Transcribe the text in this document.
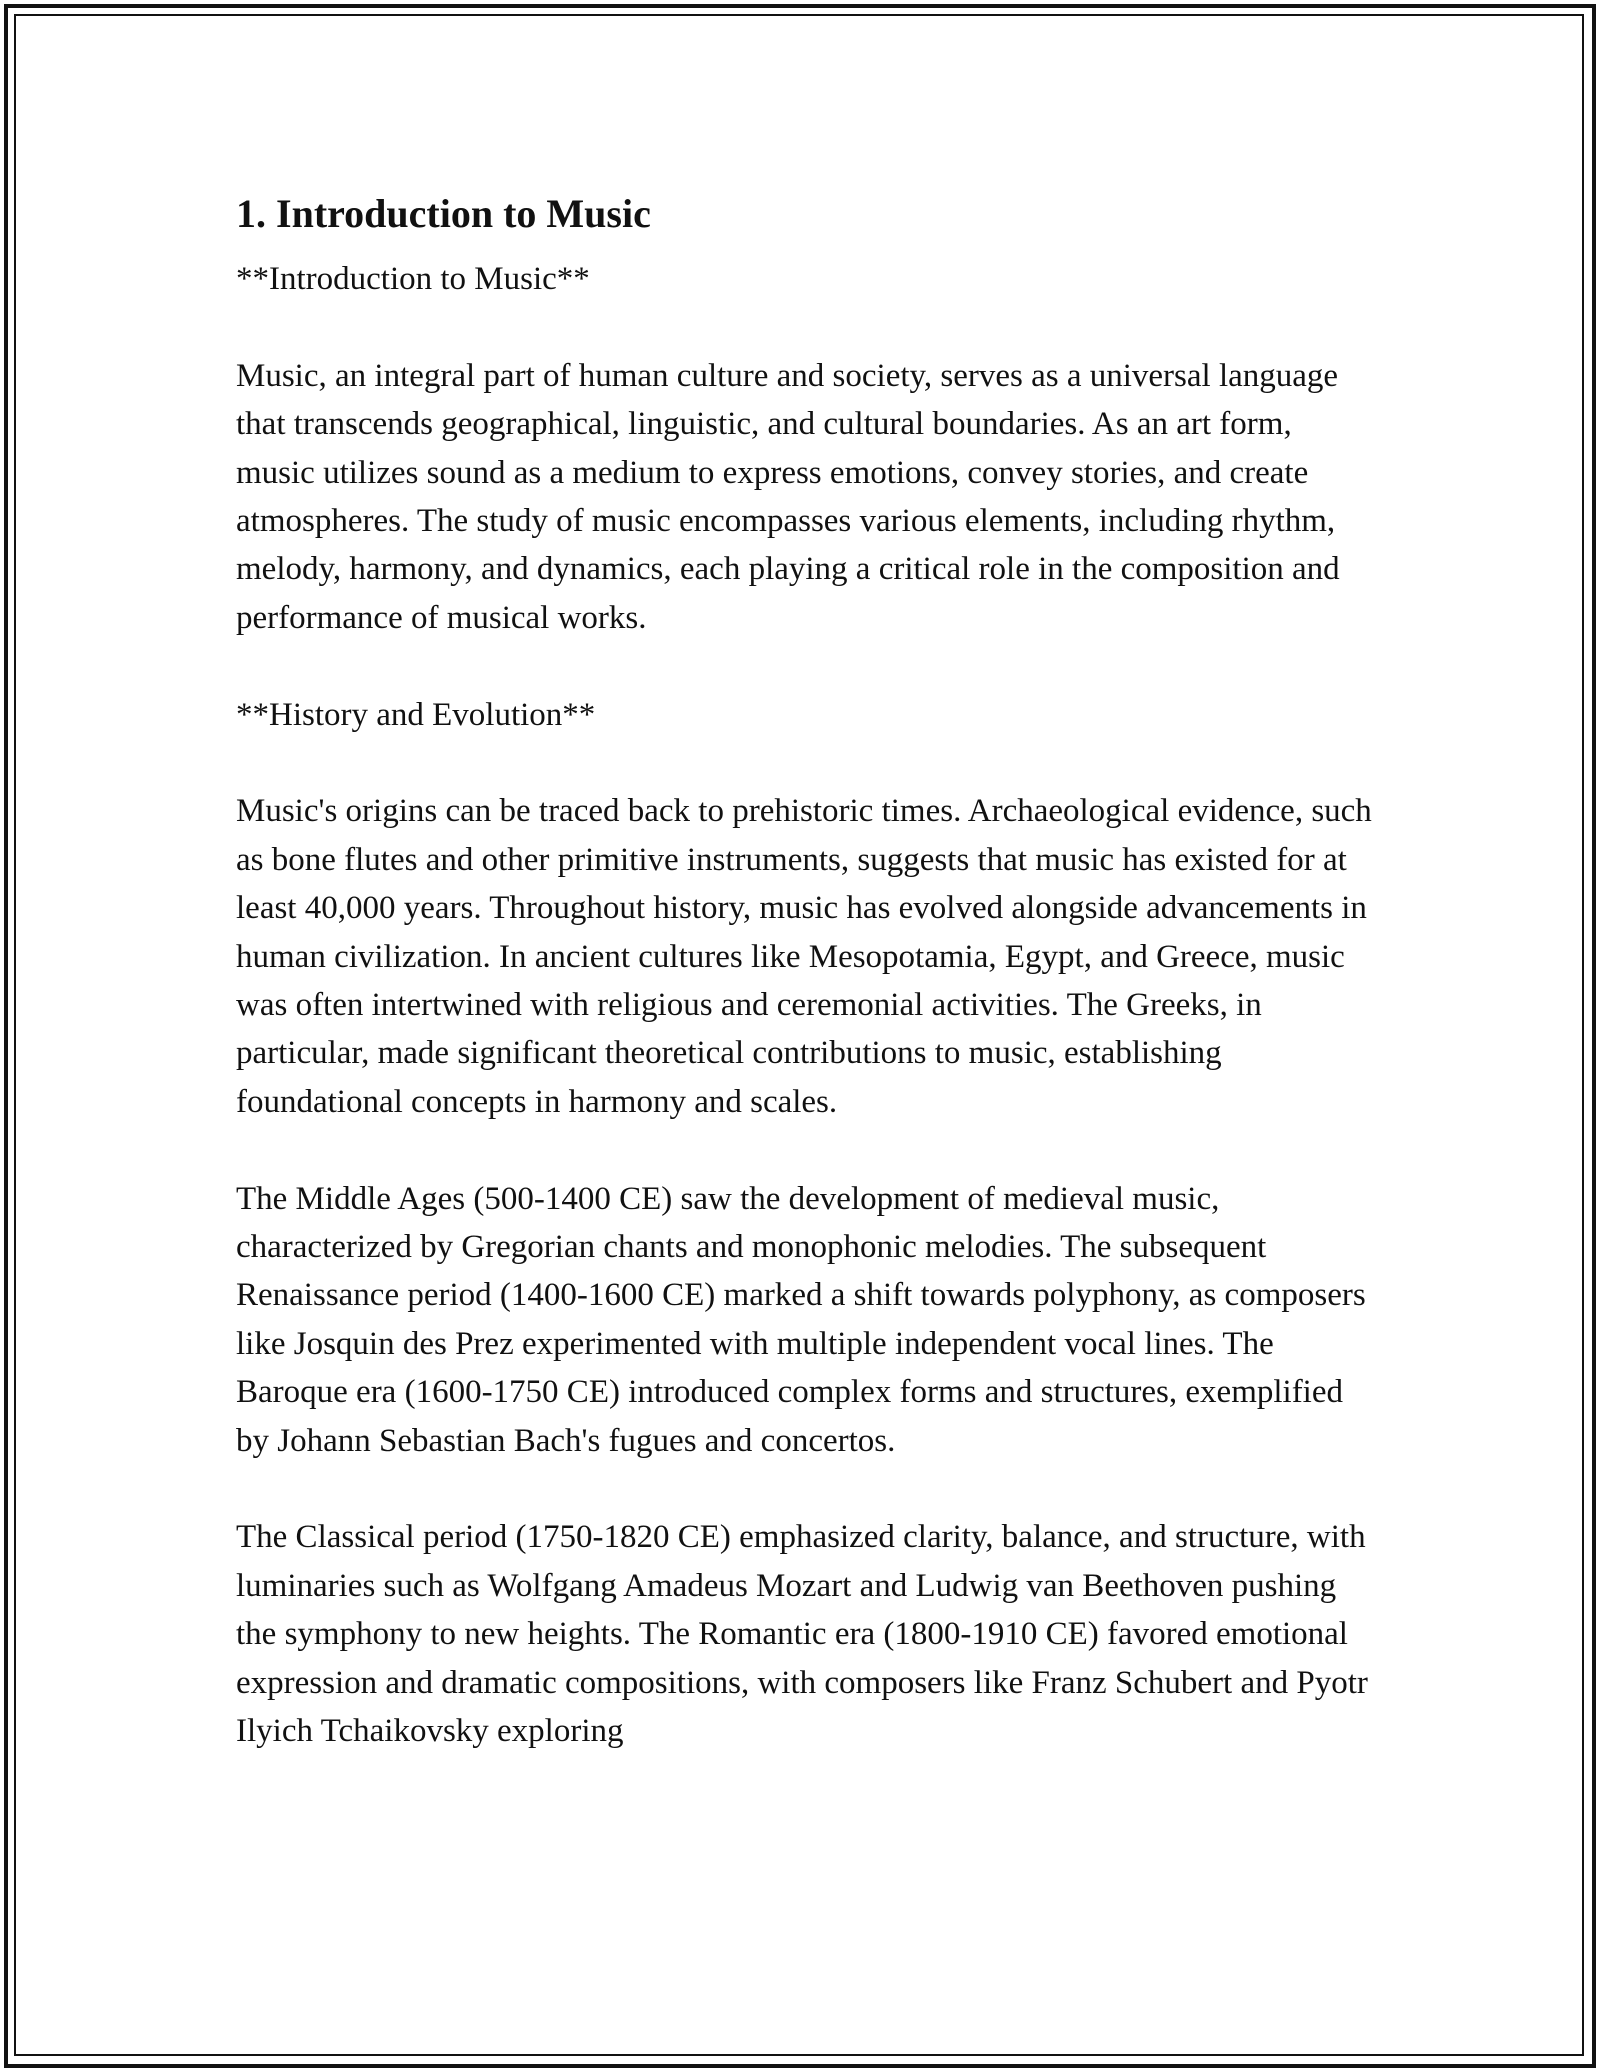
1. Introduction to Music

**Introduction to Music**

Music, an integral part of human culture and society, serves as a universal language that transcends geographical, linguistic, and cultural boundaries. As an art form, music utilizes sound as a medium to express emotions, convey stories, and create atmospheres. The study of music encompasses various elements, including rhythm, melody, harmony, and dynamics, each playing a critical role in the composition and performance of musical works.

**History and Evolution**

Music's origins can be traced back to prehistoric times. Archaeological evidence, such as bone flutes and other primitive instruments, suggests that music has existed for at least 40,000 years. Throughout history, music has evolved alongside advancements in human civilization. In ancient cultures like Mesopotamia, Egypt, and Greece, music was often intertwined with religious and ceremonial activities. The Greeks, in particular, made significant theoretical contributions to music, establishing foundational concepts in harmony and scales.

The Middle Ages (500-1400 CE) saw the development of medieval music, characterized by Gregorian chants and monophonic melodies. The subsequent Renaissance period (1400-1600 CE) marked a shift towards polyphony, as composers like Josquin des Prez experimented with multiple independent vocal lines. The Baroque era (1600-1750 CE) introduced complex forms and structures, exemplified by Johann Sebastian Bach's fugues and concertos.

The Classical period (1750-1820 CE) emphasized clarity, balance, and structure, with luminaries such as Wolfgang Amadeus Mozart and Ludwig van Beethoven pushing the symphony to new heights. The Romantic era (1800-1910 CE) favored emotional expression and dramatic compositions, with composers like Franz Schubert and Pyotr Ilyich Tchaikovsky exploring
